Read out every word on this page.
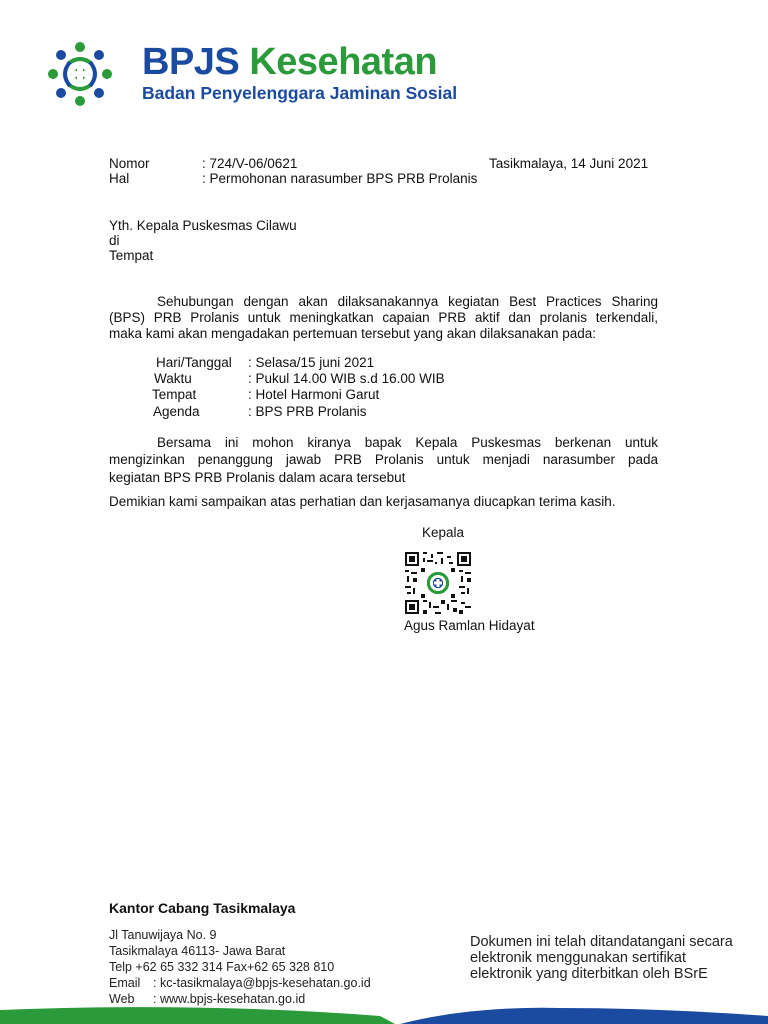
BPJS Kesehatan
Badan Penyelenggara Jaminan Sosial
Nomor	: 724/V-06/0621	Tasikmalaya, 14 Juni 2021
Hal	: Permohonan narasumber BPS PRB Prolanis
Yth. Kepala Puskesmas Cilawu
di
Tempat
Sehubungan dengan akan dilaksanakannya kegiatan Best Practices Sharing
(BPS) PRB Prolanis untuk meningkatkan capaian PRB aktif dan prolanis terkendali,
maka kami akan mengadakan pertemuan tersebut yang akan dilaksanakan pada:
Hari/Tanggal : Selasa/15 juni 2021
Waktu	: Pukul 14.00 WIB s.d 16.00 WIB
Tempat	: Hotel Harmoni Garut
Agenda	: BPS PRB Prolanis
Bersama ini mohon kiranya bapak Kepala Puskesmas berkenan untuk
mengizinkan penanggung jawab PRB Prolanis untuk menjadi narasumber pada
kegiatan BPS PRB Prolanis dalam acara tersebut
Demikian kami sampaikan atas perhatian dan kerjasamanya diucapkan terima kasih.
Kepala
Agus Ramlan Hidayat
Kantor Cabang Tasikmalaya
Jl Tanuwijaya No. 9
Tasikmalaya 46113- Jawa Barat
Telp +62 65 332 314 Fax+62 65 328 810
Email : kc-tasikmalaya@bpjs-kesehatan.go.id
Web : www.bpjs-kesehatan.go.id
Dokumen ini telah ditandatangani secara
elektronik menggunakan sertifikat
elektronik yang diterbitkan oleh BSrE
